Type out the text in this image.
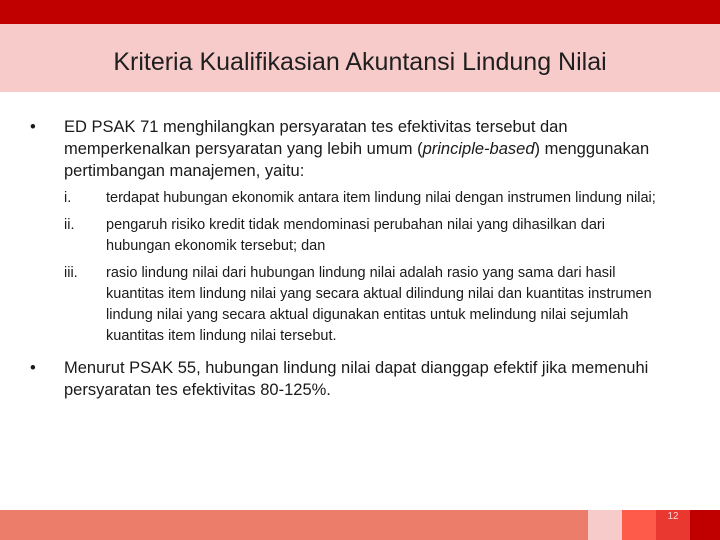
Kriteria Kualifikasian Akuntansi Lindung Nilai
•	ED PSAK 71 menghilangkan persyaratan tes efektivitas tersebut dan memperkenalkan persyaratan yang lebih umum (principle-based) menggunakan pertimbangan manajemen, yaitu:
i.	terdapat hubungan ekonomik antara item lindung nilai dengan instrumen lindung nilai;
ii.	pengaruh risiko kredit tidak mendominasi perubahan nilai yang dihasilkan dari hubungan ekonomik tersebut; dan
iii.	rasio lindung nilai dari hubungan lindung nilai adalah rasio yang sama dari hasil kuantitas item lindung nilai yang secara aktual dilindung nilai dan kuantitas instrumen lindung nilai yang secara aktual digunakan entitas untuk melindung nilai sejumlah kuantitas item lindung nilai tersebut.
•	Menurut PSAK 55, hubungan lindung nilai dapat dianggap efektif jika memenuhi persyaratan tes efektivitas 80-125%.
12
